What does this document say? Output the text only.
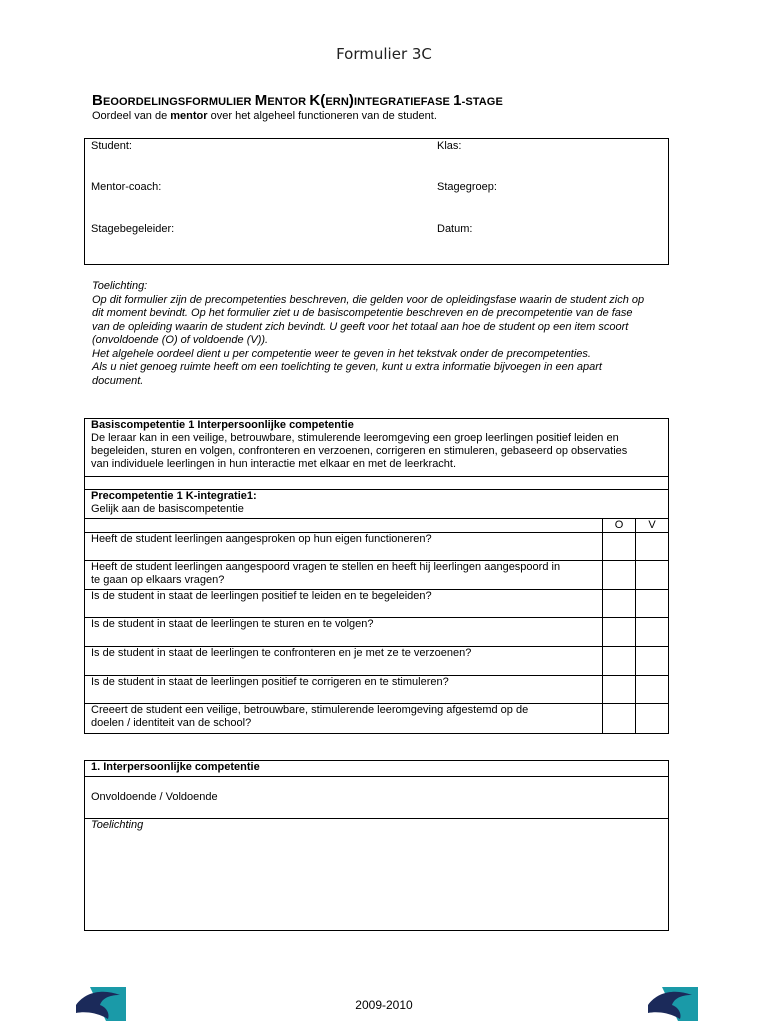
Formulier 3C
BEOORDELINGSFORMULIER MENTOR K(ERN)INTEGRATIEFASE 1-STAGE
Oordeel van de mentor over het algeheel functioneren van de student.
Student:	Klas:
Mentor-coach:	Stagegroep:
Stagebegeleider:	Datum:
Toelichting:
Op dit formulier zijn de precompetenties beschreven, die gelden voor de opleidingsfase waarin de student zich op
dit moment bevindt. Op het formulier ziet u de basiscompetentie beschreven en de precompetentie van de fase
van de opleiding waarin de student zich bevindt. U geeft voor het totaal aan hoe de student op een item scoort
(onvoldoende (O) of voldoende (V)).
Het algehele oordeel dient u per competentie weer te geven in het tekstvak onder de precompetenties.
Als u niet genoeg ruimte heeft om een toelichting te geven, kunt u extra informatie bijvoegen in een apart
document.
Basiscompetentie 1 Interpersoonlijke competentie
De leraar kan in een veilige, betrouwbare, stimulerende leeromgeving een groep leerlingen positief leiden en
begeleiden, sturen en volgen, confronteren en verzoenen, corrigeren en stimuleren, gebaseerd op observaties
van individuele leerlingen in hun interactie met elkaar en met de leerkracht.		

Precompetentie 1 K-integratie1:
Gelijk aan de basiscompetentie		

	O	V

Heeft de student leerlingen aangesproken op hun eigen functioneren?		

Heeft de student leerlingen aangespoord vragen te stellen en heeft hij leerlingen aangespoord in
te gaan op elkaars vragen?		

Is de student in staat de leerlingen positief te leiden en te begeleiden?		

Is de student in staat de leerlingen te sturen en te volgen?		

Is de student in staat de leerlingen te confronteren en je met ze te verzoenen?		

Is de student in staat de leerlingen positief te corrigeren en te stimuleren?		

Creeert de student een veilige, betrouwbare, stimulerende leeromgeving afgestemd op de
doelen / identiteit van de school?		

1. Interpersoonlijke competentie
Onvoldoende / Voldoende
Toelichting
2009-2010
